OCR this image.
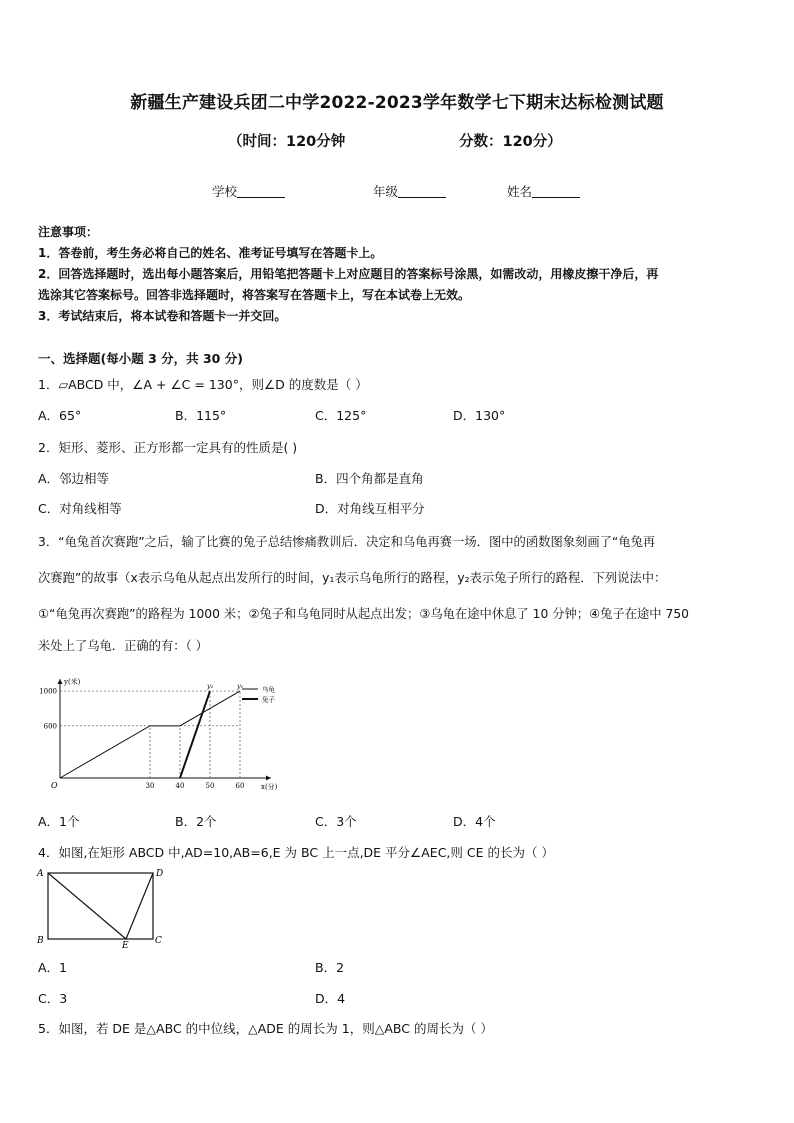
新疆生产建设兵团二中学2022-2023学年数学七下期末达标检测试题
（时间：120分钟	分数：120分）
学校	年级	姓名
注意事项：
1．答卷前，考生务必将自己的姓名、准考证号填写在答题卡上。
2．回答选择题时，选出每小题答案后，用铅笔把答题卡上对应题目的答案标号涂黑，如需改动，用橡皮擦干净后，再
选涂其它答案标号。回答非选择题时，将答案写在答题卡上，写在本试卷上无效。
3．考试结束后，将本试卷和答题卡一并交回。
一、选择题(每小题 3 分，共 30 分)
1．▱ABCD 中，∠A + ∠C = 130°，则∠D 的度数是（ ）
A．65°	B．115°	C．125°	D．130°
2．矩形、菱形、正方形都一定具有的性质是( )
A．邻边相等	B．四个角都是直角
C．对角线相等	D．对角线互相平分
3．“龟兔首次赛跑”之后，输了比赛的兔子总结惨痛教训后．决定和乌龟再赛一场．图中的函数图象刻画了“龟兔再
次赛跑”的故事（x表示乌龟从起点出发所行的时间，y₁表示乌龟所行的路程，y₂表示兔子所行的路程．下列说法中：
①“龟兔再次赛跑”的路程为 1000 米；②兔子和乌龟同时从起点出发；③乌龟在途中休息了 10 分钟；④兔子在途中 750
米处上了乌龟．正确的有：（ ）
y(米)
x(分)
O
600
1000
30	40	50	60
y₁
y₂	乌龟
兔子
A．1个	B．2个	C．3个	D．4个
4．如图,在矩形 ABCD 中,AD=10,AB=6,E 为 BC 上一点,DE 平分∠AEC,则 CE 的长为（ ）
A	D
B	E	C
A．1	B．2
C．3	D．4
5．如图，若 DE 是△ABC 的中位线，△ADE 的周长为 1，则△ABC 的周长为（ ）
